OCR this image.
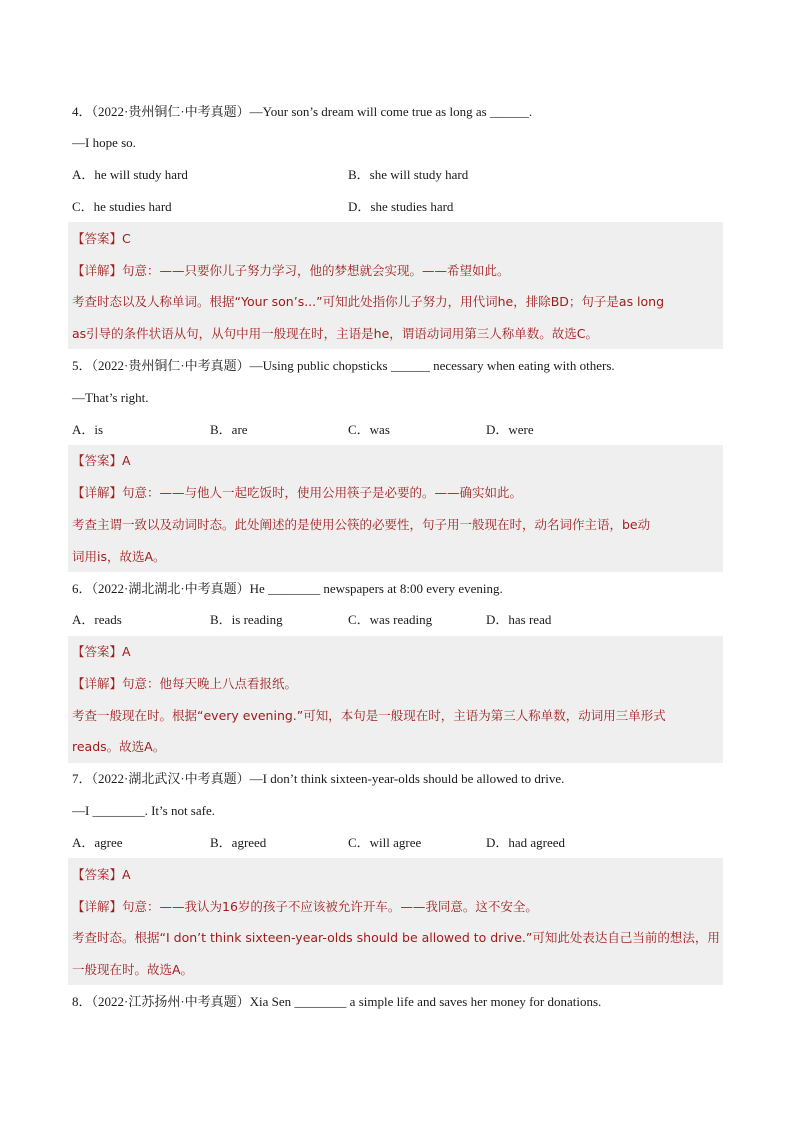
4．（2022·贵州铜仁·中考真题）—Your son’s dream will come true as long as ______.
—I hope so.
A．he will study hard	B．she will study hard
C．he studies hard	D．she studies hard
【答案】C
【详解】句意：——只要你儿子努力学习，他的梦想就会实现。——希望如此。
考查时态以及人称单词。根据“Your son’s...”可知此处指你儿子努力，用代词he，排除BD；句子是as long
as引导的条件状语从句，从句中用一般现在时，主语是he，谓语动词用第三人称单数。故选C。
5．（2022·贵州铜仁·中考真题）—Using public chopsticks ______ necessary when eating with others.
—That’s right.
A．is	B．are	C．was	D．were
【答案】A
【详解】句意：——与他人一起吃饭时，使用公用筷子是必要的。——确实如此。
考查主谓一致以及动词时态。此处阐述的是使用公筷的必要性，句子用一般现在时，动名词作主语，be动
词用is，故选A。
6．（2022·湖北湖北·中考真题）He ________ newspapers at 8:00 every evening.
A．reads	B．is reading	C．was reading	D．has read
【答案】A
【详解】句意：他每天晚上八点看报纸。
考查一般现在时。根据“every evening.”可知，本句是一般现在时，主语为第三人称单数，动词用三单形式
reads。故选A。
7．（2022·湖北武汉·中考真题）—I don’t think sixteen-year-olds should be allowed to drive.
—I ________. It’s not safe.
A．agree	B．agreed	C．will agree	D．had agreed
【答案】A
【详解】句意：——我认为16岁的孩子不应该被允许开车。——我同意。这不安全。
考查时态。根据“I don’t think sixteen-year-olds should be allowed to drive.”可知此处表达自己当前的想法，用
一般现在时。故选A。
8．（2022·江苏扬州·中考真题）Xia Sen ________ a simple life and saves her money for donations.
